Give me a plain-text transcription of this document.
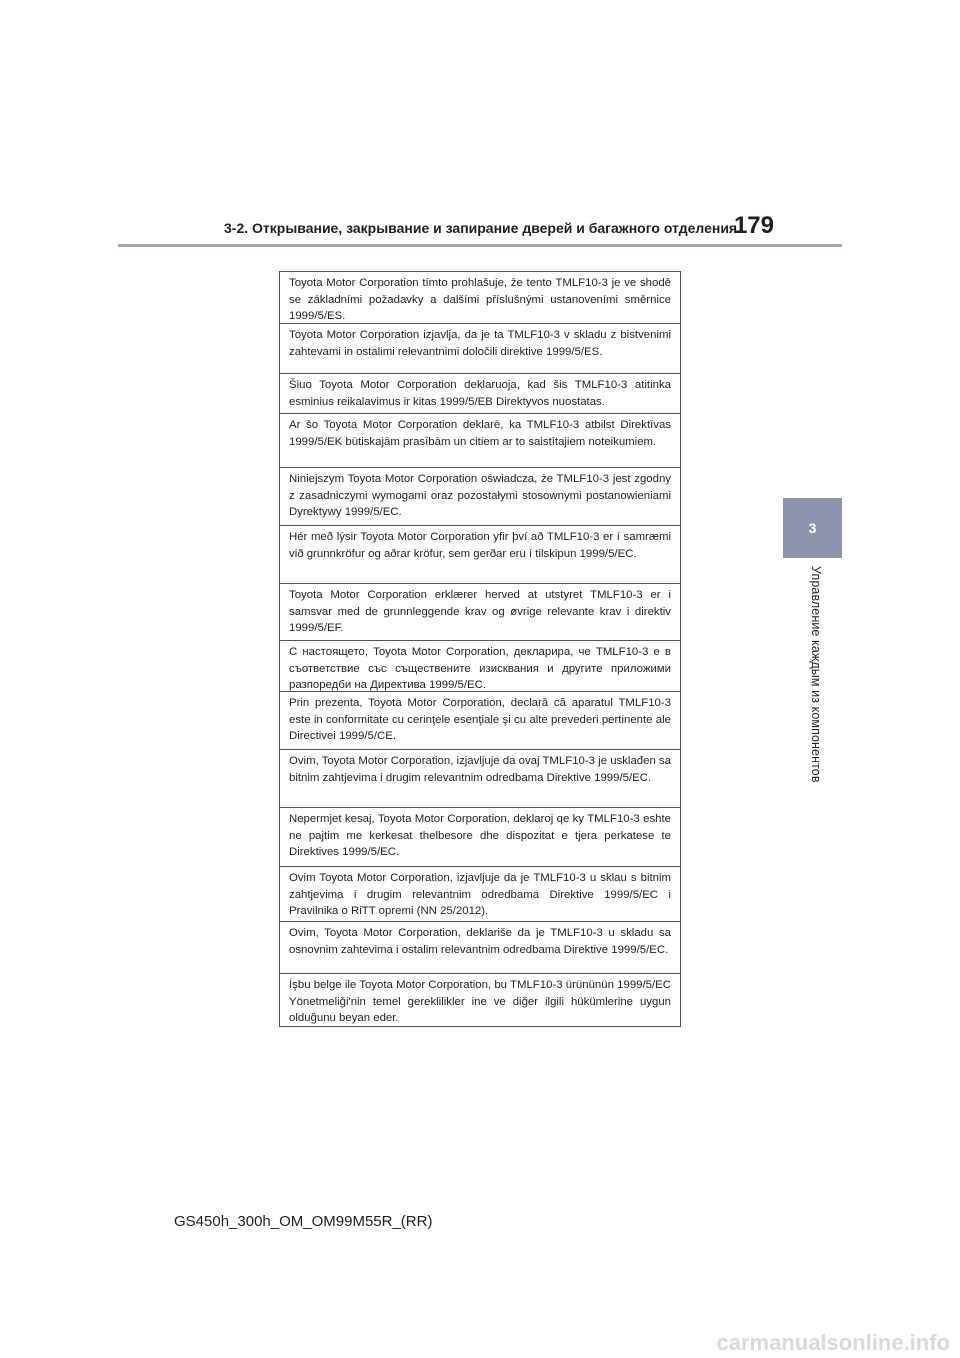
3-2. Открывание, закрывание и запирание дверей и багажного отделения
179
3
Управление каждым из компонентов
Toyota Motor Corporation tímto prohlašuje, že tento TMLF10-3 je ve shodě se základními požadavky a dalšími příslušnými ustanoveními směrnice 1999/5/ES.
Toyota Motor Corporation izjavlja, da je ta TMLF10-3 v skladu z bistvenimi zahtevami in ostalimi relevantnimi določili direktive 1999/5/ES.
Šiuo Toyota Motor Corporation deklaruoja, kad šis TMLF10-3 atitinka esminius reikalavimus ir kitas 1999/5/EB Direktyvos nuostatas.
Ar šo Toyota Motor Corporation deklarē, ka TMLF10-3 atbilst Direktīvas 1999/5/EK būtiskajām prasībām un citiem ar to saistītajiem noteikumiem.
Niniejszym Toyota Motor Corporation oświadcza, że TMLF10-3 jest zgodny z zasadniczymi wymogami oraz pozostałymi stosownymi postanowieniami Dyrektywy 1999/5/EC.
Hér með lýsir Toyota Motor Corporation yfir því að TMLF10-3 er í samræmi við grunnkröfur og aðrar kröfur, sem gerðar eru í tilskipun 1999/5/EC.
Toyota Motor Corporation erklærer herved at utstyret TMLF10-3 er i samsvar med de grunnleggende krav og øvrige relevante krav i direktiv 1999/5/EF.
С настоящето, Toyota Motor Corporation, декларира, че TMLF10-3 е в съответствие със съществените изисквания и другите приложими разпоредби на Директива 1999/5/ЕС.
Prin prezenta, Toyota Motor Corporation, declară că aparatul TMLF10-3 este in conformitate cu cerinţele esenţiale şi cu alte prevederi pertinente ale Directivei 1999/5/CE.
Ovim, Toyota Motor Corporation, izjavljuje da ovaj TMLF10-3 je usklađen sa bitnim zahtjevima i drugim relevantnim odredbama Direktive 1999/5/EC.
Nepermjet kesaj, Toyota Motor Corporation, deklaroj qe ky TMLF10-3 eshte ne pajtim me kerkesat thelbesore dhe dispozitat e tjera perkatese te Direktives 1999/5/EC.
Ovim Toyota Motor Corporation, izjavljuje da je TMLF10-3 u sklau s bitnim zahtjevima i drugim relevantnim odredbama Direktive 1999/5/EC i Pravilnika o RiTT opremi (NN 25/2012).
Ovim, Toyota Motor Corporation, deklariše da je TMLF10-3 u skladu sa osnovnim zahtevima i ostalim relevantnim odredbama Direktive 1999/5/EC.
İşbu belge ile Toyota Motor Corporation, bu TMLF10-3 ürününün 1999/5/EC Yönetmeliği'nin temel gereklilikler ine ve diğer ilgili hükümlerine uygun olduğunu beyan eder.
GS450h_300h_OM_OM99M55R_(RR)
carmanualsonline.info
